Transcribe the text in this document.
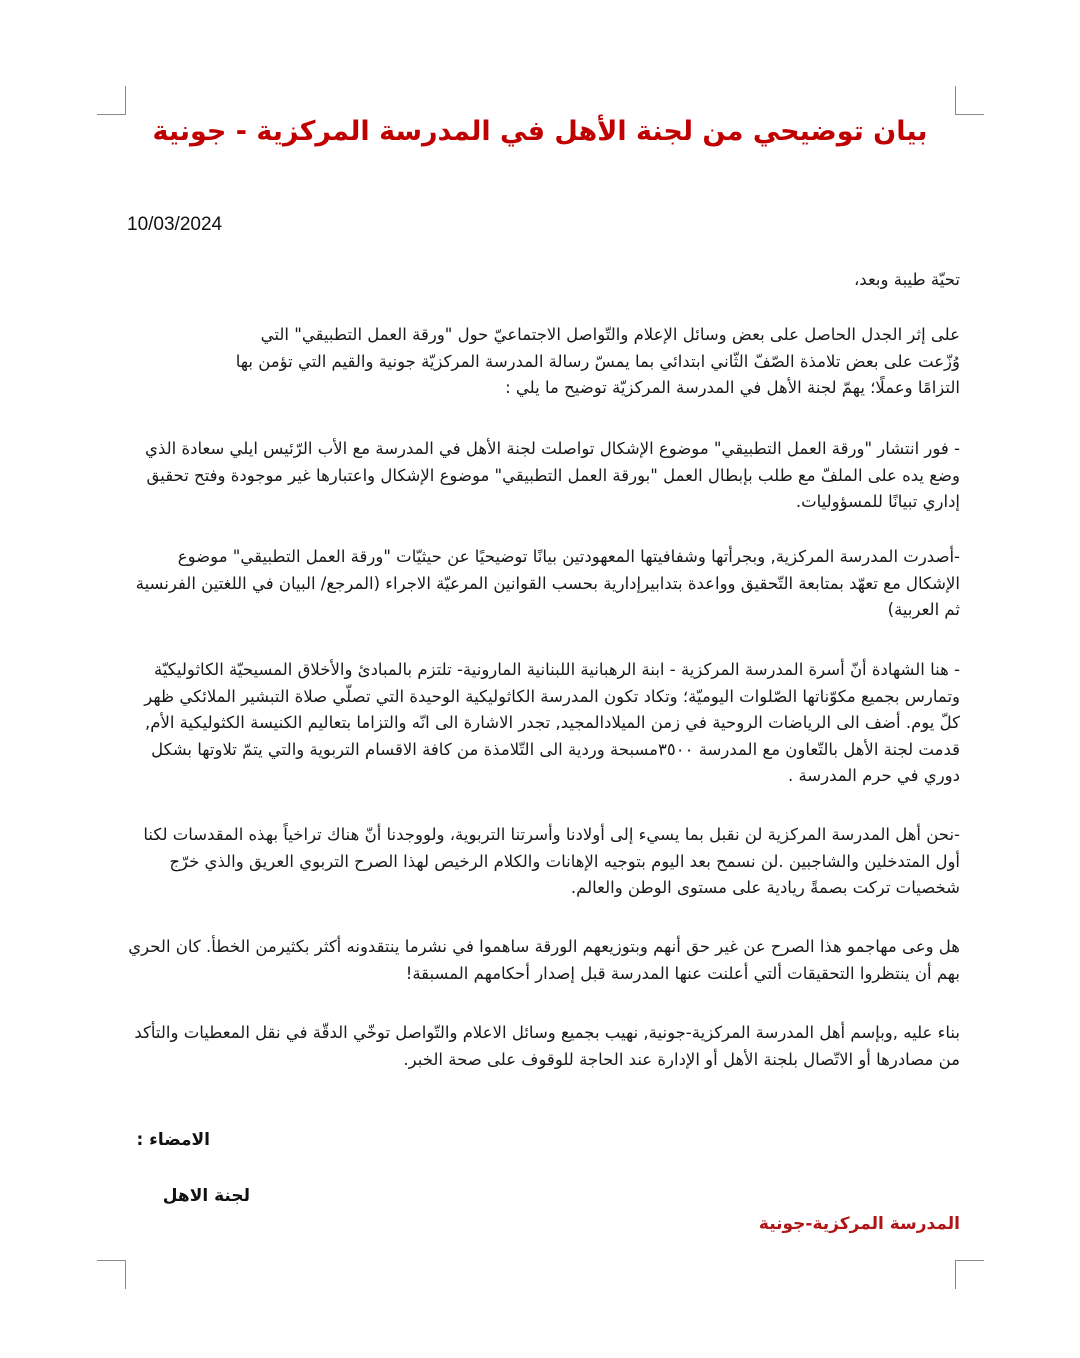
بيان توضيحي من لجنة الأهل في المدرسة المركزية - جونية
10/03/2024
تحيّة طيبة وبعد،
على إثر الجدل الحاصل على بعض وسائل الإعلام والتّواصل الاجتماعيّ حول "ورقة العمل التطبيقي" التي
وُزّعت على بعض تلامذة الصّفّ الثّاني ابتدائي بما يمسّ رسالة المدرسة المركزيّة جونية والقيم التي تؤمن بها
التزامًا وعملًا؛ يهمّ لجنة الأهل في المدرسة المركزيّة توضيح ما يلي :
- فور انتشار "ورقة العمل التطبيقي" موضوع الإشكال تواصلت لجنة الأهل في المدرسة مع الأب الرّئيس ايلي سعادة الذي وضع يده على الملفّ مع طلب بإبطال العمل "بورقة العمل التطبيقي" موضوع الإشكال واعتبارها غير موجودة وفتح تحقيق إداري تبيانًا للمسؤوليات.
-أصدرت المدرسة المركزية, وبجرأتها وشفافيتها المعهودتين بيانًا توضيحيًا عن حيثيّات "ورقة العمل التطبيقي" موضوع الإشكال مع تعهّد بمتابعة التّحقيق وواعدة بتدابيرإدارية بحسب القوانين المرعيّة الاجراء (المرجع/ البيان في اللغتين الفرنسية ثم العربية)
- هنا الشهادة أنّ أسرة المدرسة المركزية - ابنة الرهبانية اللبنانية المارونية- تلتزم بالمبادئ والأخلاق المسيحيّة الكاثوليكيّة وتمارس بجميع مكوّناتها الصّلوات اليوميّة؛ وتكاد تكون المدرسة الكاثوليكية الوحيدة التي تصلّي صلاة التبشير الملائكي ظهر كلّ يوم. أضف الى الرياضات الروحية في زمن الميلادالمجيد, تجدر الاشارة الى انّه والتزاما بتعاليم الكنيسة الكثوليكية الأم, قدمت لجنة الأهل بالتّعاون مع المدرسة ٣٥٠٠مسبحة وردية الى التّلامذة من كافة الاقسام التربوية والتي يتمّ تلاوتها بشكل دوري في حرم المدرسة .
-نحن أهل المدرسة المركزية لن نقبل بما يسيء إلى أولادنا وأسرتنا التربوية، ولووجدنا أنّ هناك تراخياً بهذه المقدسات لكنا أول المتدخلين والشاجبين .لن نسمح بعد اليوم بتوجيه الإهانات والكلام الرخيص لهذا الصرح التربوي العريق والذي خرّج شخصيات تركت بصمةً ريادية على مستوى الوطن والعالم.
هل وعى مهاجمو هذا الصرح عن غير حق أنهم وبتوزيعهم الورقة ساهموا في نشرما ينتقدونه أكثر بكثيرمن الخطأ. كان الحري بهم أن ينتظروا التحقيقات ألتي أعلنت عنها المدرسة قبل إصدار أحكامهم المسبقة!
بناء عليه ,وبإسم أهل المدرسة المركزية-جونية, نهيب بجميع وسائل الاعلام والتّواصل توخّي الدقّة في نقل المعطيات والتأكد من مصادرها أو الاتّصال بلجنة الأهل أو الإدارة عند الحاجة للوقوف على صحة الخبر.
الامضاء :
لجنة الاهل
المدرسة المركزية-جونية
